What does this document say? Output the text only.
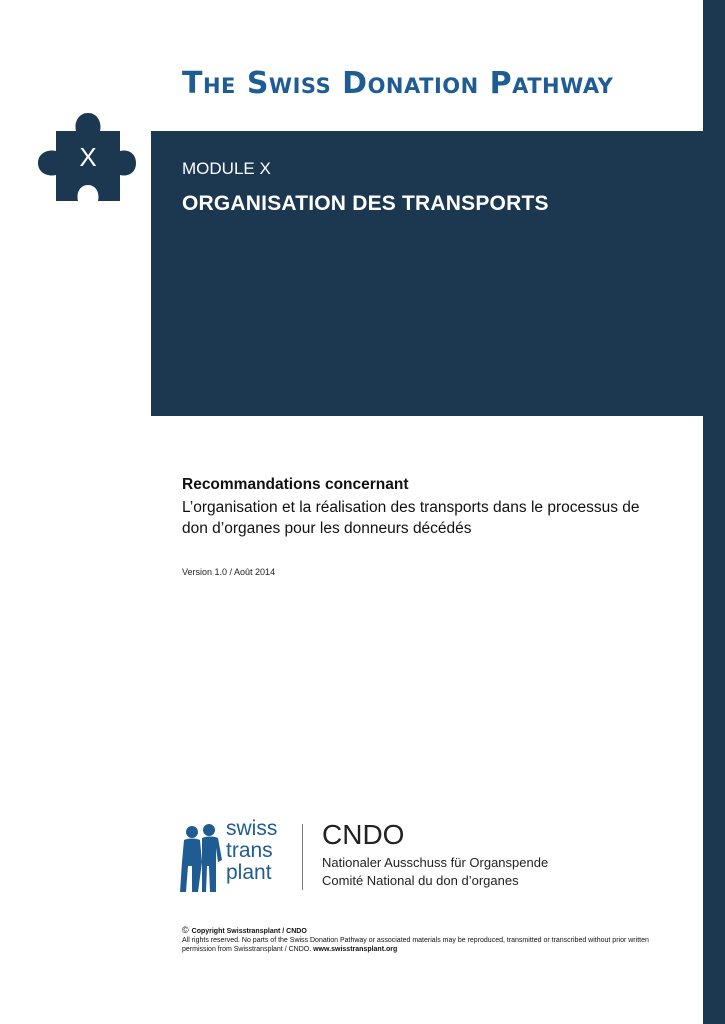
The Swiss Donation Pathway
X	MODULE X
ORGANISATION DES TRANSPORTS
Recommandations concernant
L’organisation et la réalisation des transports dans le processus de don d’organes pour les donneurs décédés
Version 1.0 / Août 2014
swiss
trans
plant
CNDO
Nationaler Ausschuss für Organspende
Comité National du don d’organes
© Copyright Swisstransplant / CNDO
All rights reserved. No parts of the Swiss Donation Pathway or associated materials may be reproduced, transmitted or transcribed without prior written permission from Swisstransplant / CNDO. www.swisstransplant.org
